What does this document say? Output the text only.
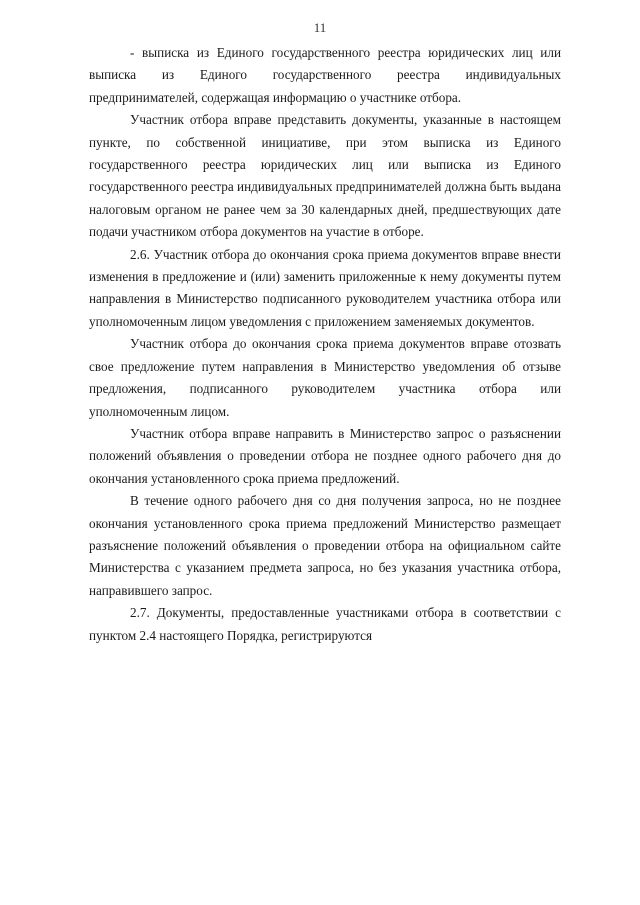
11

- выписка из Единого государственного реестра юридических лиц или выписка из Единого государственного реестра индивидуальных предпринимателей, содержащая информацию о участнике отбора.

Участник отбора вправе представить документы, указанные в настоящем пункте, по собственной инициативе, при этом выписка из Единого государственного реестра юридических лиц или выписка из Единого государственного реестра индивидуальных предпринимателей должна быть выдана налоговым органом не ранее чем за 30 календарных дней, предшествующих дате подачи участником отбора документов на участие в отборе.

2.6. Участник отбора до окончания срока приема документов вправе внести изменения в предложение и (или) заменить приложенные к нему документы путем направления в Министерство подписанного руководителем участника отбора или уполномоченным лицом уведомления с приложением заменяемых документов.

Участник отбора до окончания срока приема документов вправе отозвать свое предложение путем направления в Министерство уведомления об отзыве предложения, подписанного руководителем участника отбора или уполномоченным лицом.

Участник отбора вправе направить в Министерство запрос о разъяснении положений объявления о проведении отбора не позднее одного рабочего дня до окончания установленного срока приема предложений.

В течение одного рабочего дня со дня получения запроса, но не позднее окончания установленного срока приема предложений Министерство размещает разъяснение положений объявления о проведении отбора на официальном сайте Министерства с указанием предмета запроса, но без указания участника отбора, направившего запрос.

2.7. Документы, предоставленные участниками отбора в соответствии с пунктом 2.4 настоящего Порядка, регистрируются
